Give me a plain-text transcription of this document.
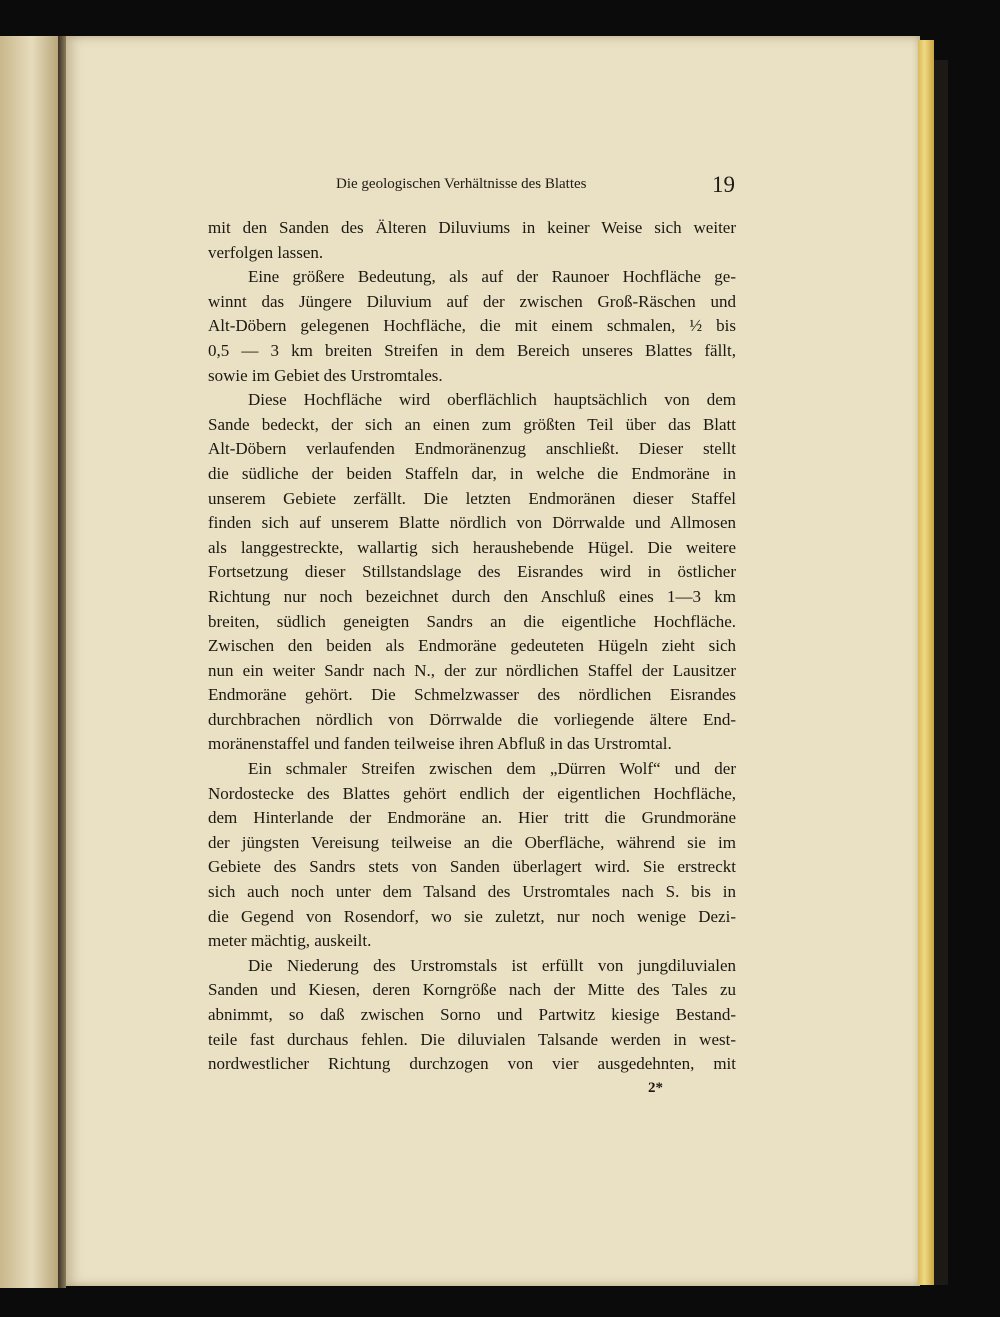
Die geologischen Verhältnisse des Blattes	19
mit den Sanden des Älteren Diluviums in keiner Weise sich weiter
verfolgen lassen.
Eine größere Bedeutung, als auf der Raunoer Hochfläche ge-
winnt das Jüngere Diluvium auf der zwischen Groß-Räschen und
Alt-Döbern gelegenen Hochfläche, die mit einem schmalen, ½ bis
0,5 — 3 km breiten Streifen in dem Bereich unseres Blattes fällt,
sowie im Gebiet des Urstromtales.
Diese Hochfläche wird oberflächlich hauptsächlich von dem
Sande bedeckt, der sich an einen zum größten Teil über das Blatt
Alt-Döbern verlaufenden Endmoränenzug anschließt. Dieser stellt
die südliche der beiden Staffeln dar, in welche die Endmoräne in
unserem Gebiete zerfällt. Die letzten Endmoränen dieser Staffel
finden sich auf unserem Blatte nördlich von Dörrwalde und Allmosen
als langgestreckte, wallartig sich heraushebende Hügel. Die weitere
Fortsetzung dieser Stillstandslage des Eisrandes wird in östlicher
Richtung nur noch bezeichnet durch den Anschluß eines 1—3 km
breiten, südlich geneigten Sandrs an die eigentliche Hochfläche.
Zwischen den beiden als Endmoräne gedeuteten Hügeln zieht sich
nun ein weiter Sandr nach N., der zur nördlichen Staffel der Lausitzer
Endmoräne gehört. Die Schmelzwasser des nördlichen Eisrandes
durchbrachen nördlich von Dörrwalde die vorliegende ältere End-
moränenstaffel und fanden teilweise ihren Abfluß in das Urstromtal.
Ein schmaler Streifen zwischen dem „Dürren Wolf“ und der
Nordostecke des Blattes gehört endlich der eigentlichen Hochfläche,
dem Hinterlande der Endmoräne an. Hier tritt die Grundmoräne
der jüngsten Vereisung teilweise an die Oberfläche, während sie im
Gebiete des Sandrs stets von Sanden überlagert wird. Sie erstreckt
sich auch noch unter dem Talsand des Urstromtales nach S. bis in
die Gegend von Rosendorf, wo sie zuletzt, nur noch wenige Dezi-
meter mächtig, auskeilt.
Die Niederung des Urstromstals ist erfüllt von jungdiluvialen
Sanden und Kiesen, deren Korngröße nach der Mitte des Tales zu
abnimmt, so daß zwischen Sorno und Partwitz kiesige Bestand-
teile fast durchaus fehlen. Die diluvialen Talsande werden in west-
nordwestlicher Richtung durchzogen von vier ausgedehnten, mit
2*
